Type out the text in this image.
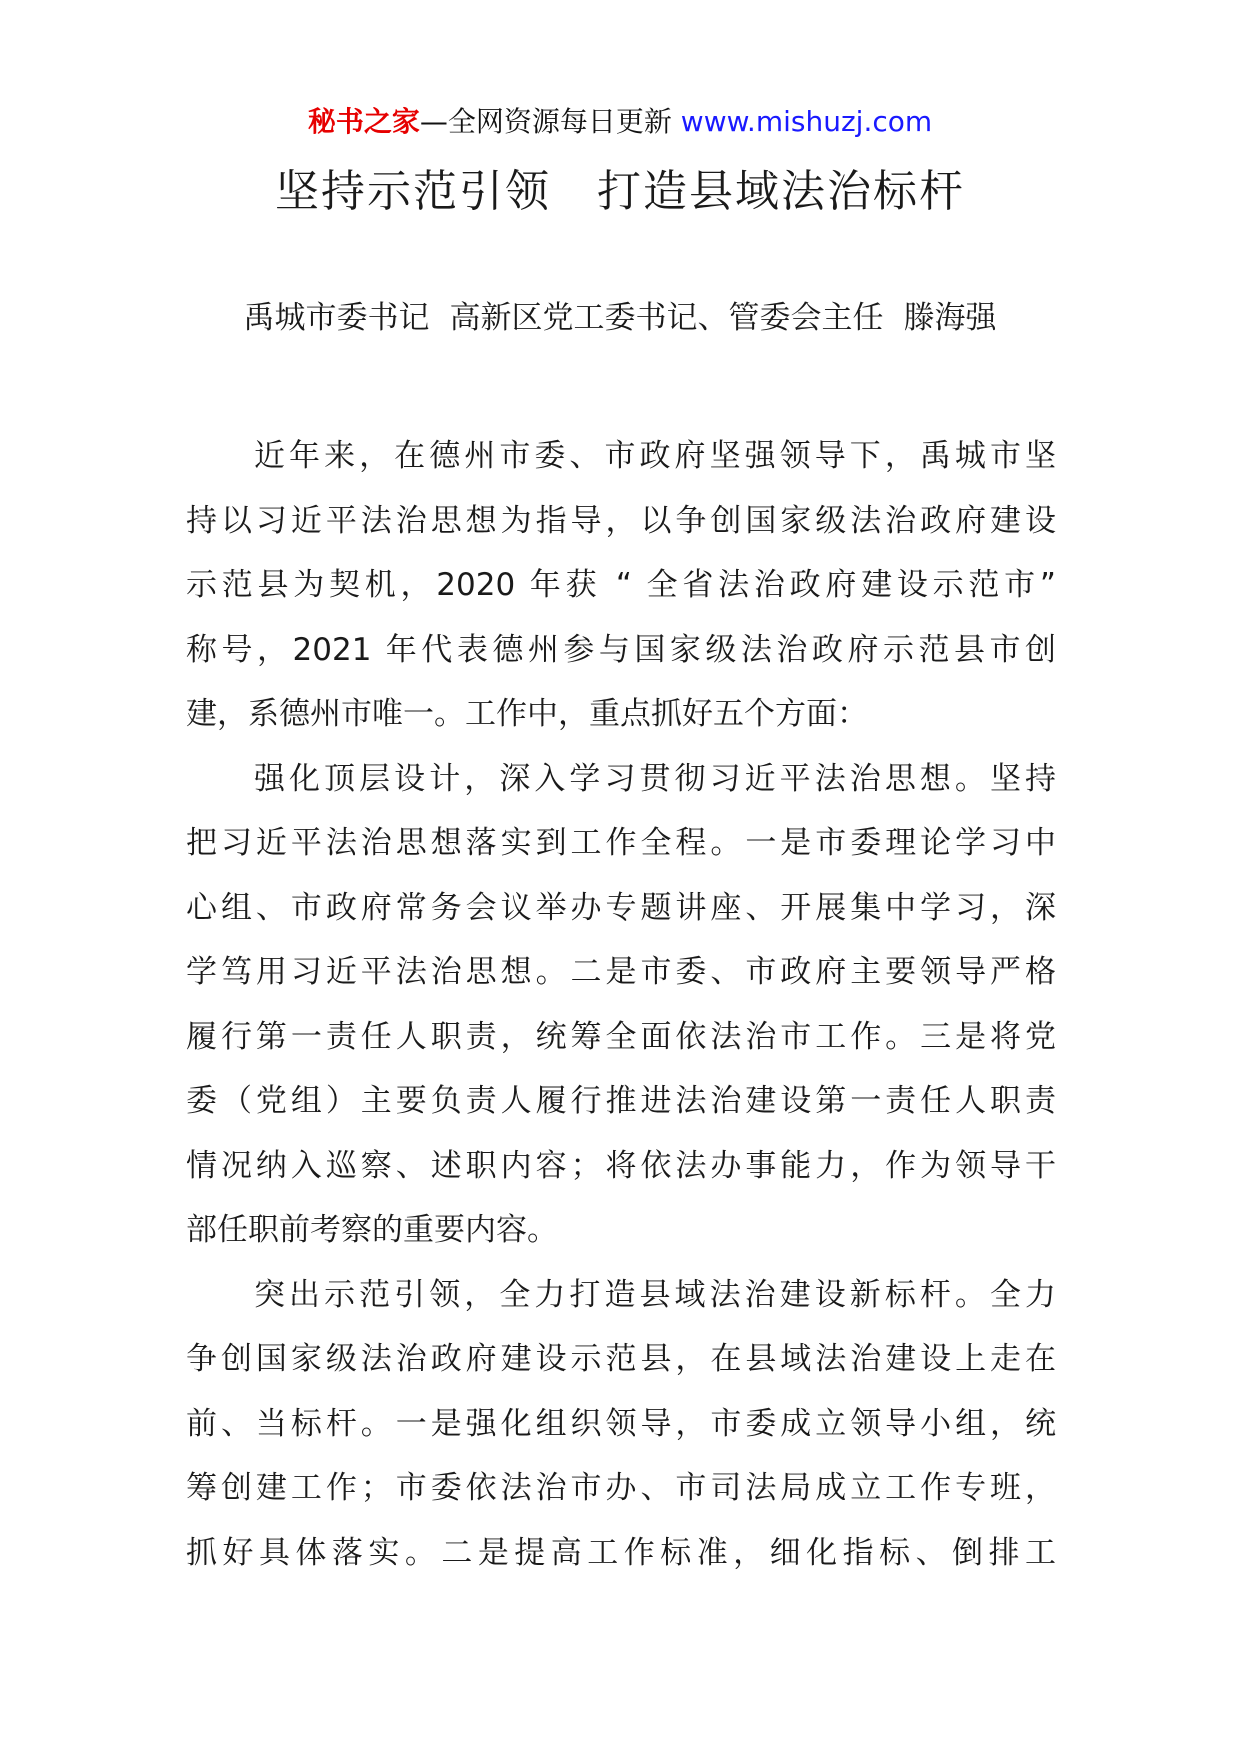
秘书之家—全网资源每日更新 www.mishuzj.com
坚持示范引领 打造县域法治标杆
禹城市委书记 高新区党工委书记、管委会主任 滕海强
近年来，在德州市委、市政府坚强领导下，禹城市坚
持以习近平法治思想为指导，以争创国家级法治政府建设
示范县为契机，2020 年获 “ 全省法治政府建设示范市”
称号，2021 年代表德州参与国家级法治政府示范县市创
建，系德州市唯一。工作中，重点抓好五个方面：
强化顶层设计，深入学习贯彻习近平法治思想。坚持
把习近平法治思想落实到工作全程。一是市委理论学习中
心组、市政府常务会议举办专题讲座、开展集中学习，深
学笃用习近平法治思想。二是市委、市政府主要领导严格
履行第一责任人职责，统筹全面依法治市工作。三是将党
委（党组）主要负责人履行推进法治建设第一责任人职责
情况纳入巡察、述职内容；将依法办事能力，作为领导干
部任职前考察的重要内容。
突出示范引领，全力打造县域法治建设新标杆。全力
争创国家级法治政府建设示范县，在县域法治建设上走在
前、当标杆。一是强化组织领导，市委成立领导小组，统
筹创建工作；市委依法治市办、市司法局成立工作专班，
抓好具体落实。二是提高工作标准，细化指标、倒排工
